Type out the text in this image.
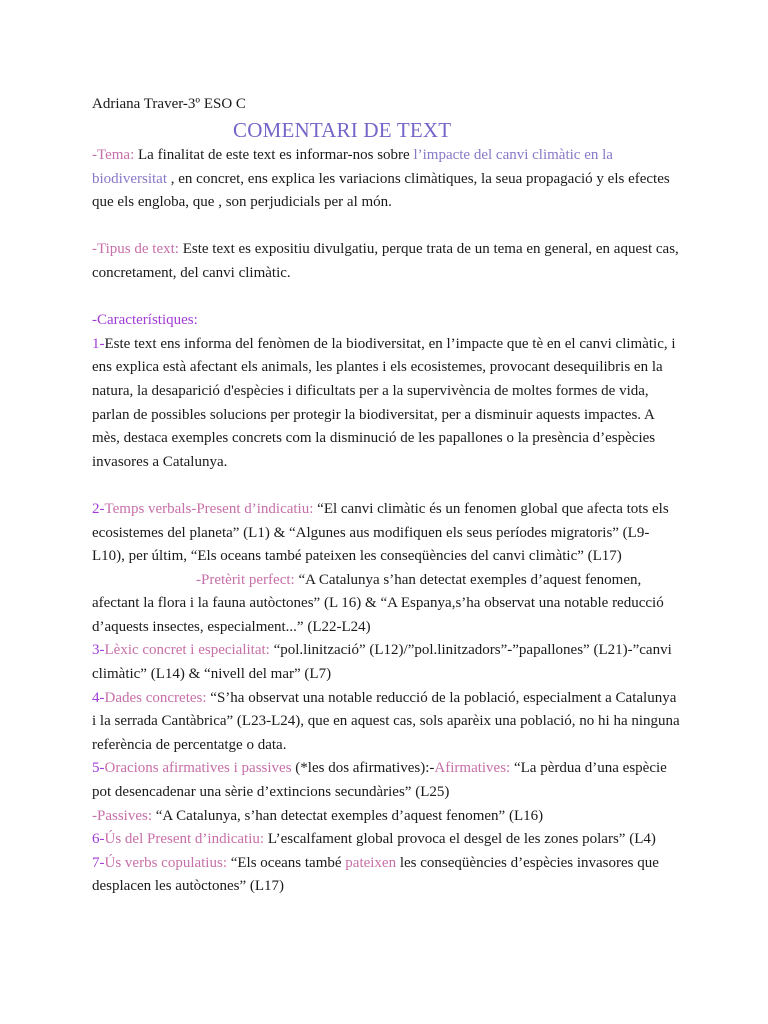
Adriana Traver-3º ESO C

COMENTARI DE TEXT

-Tema: La finalitat de este text es informar-nos sobre l’impacte del canvi climàtic en la biodiversitat , en concret, ens explica les variacions climàtiques, la seua propagació y els efectes que els engloba, que , son perjudicials per al món.

-Tipus de text: Este text es expositiu divulgatiu, perque trata de un tema en general, en aquest cas, concretament, del canvi climàtic.

-Característiques:

1-Este text ens informa del fenòmen de la biodiversitat, en l’impacte que tè en el canvi climàtic, i ens explica està afectant els animals, les plantes i els ecosistemes, provocant desequilibris en la natura, la desaparició d'espècies i dificultats per a la supervivència de moltes formes de vida, parlan de possibles solucions per protegir la biodiversitat, per a disminuir aquests impactes. A mès, destaca exemples concrets com la disminució de les papallones o la presència d’espècies invasores a Catalunya.

2-Temps verbals-Present d’indicatiu: “El canvi climàtic és un fenomen global que afecta tots els ecosistemes del planeta” (L1) & “Algunes aus modifiquen els seus períodes migratoris” (L9-L10), per últim, “Els oceans també pateixen les conseqüències del canvi climàtic” (L17)

-Pretèrit perfect: “A Catalunya s’han detectat exemples d’aquest fenomen, afectant la flora i la fauna autòctones” (L 16) & “A Espanya,s’ha observat una notable reducció d’aquests insectes, especialment...” (L22-L24)

3-Lèxic concret i especialitat: “pol.linització” (L12)/”pol.linitzadors”-”papallones” (L21)-”canvi climàtic” (L14) & “nivell del mar” (L7)

4-Dades concretes: “S’ha observat una notable reducció de la població, especialment a Catalunya i la serrada Cantàbrica” (L23-L24), que en aquest cas, sols aparèix una població, no hi ha ninguna referència de percentatge o data.

5-Oracions afirmatives i passives (*les dos afirmatives):-Afirmatives: “La pèrdua d’una espècie pot desencadenar una sèrie d’extincions secundàries” (L25)

-Passives: “A Catalunya, s’han detectat exemples d’aquest fenomen” (L16)

6-Ús del Present d’indicatiu: L’escalfament global provoca el desgel de les zones polars” (L4)

7-Ús verbs copulatius: “Els oceans també pateixen les conseqüències d’espècies invasores que desplacen les autòctones” (L17)
